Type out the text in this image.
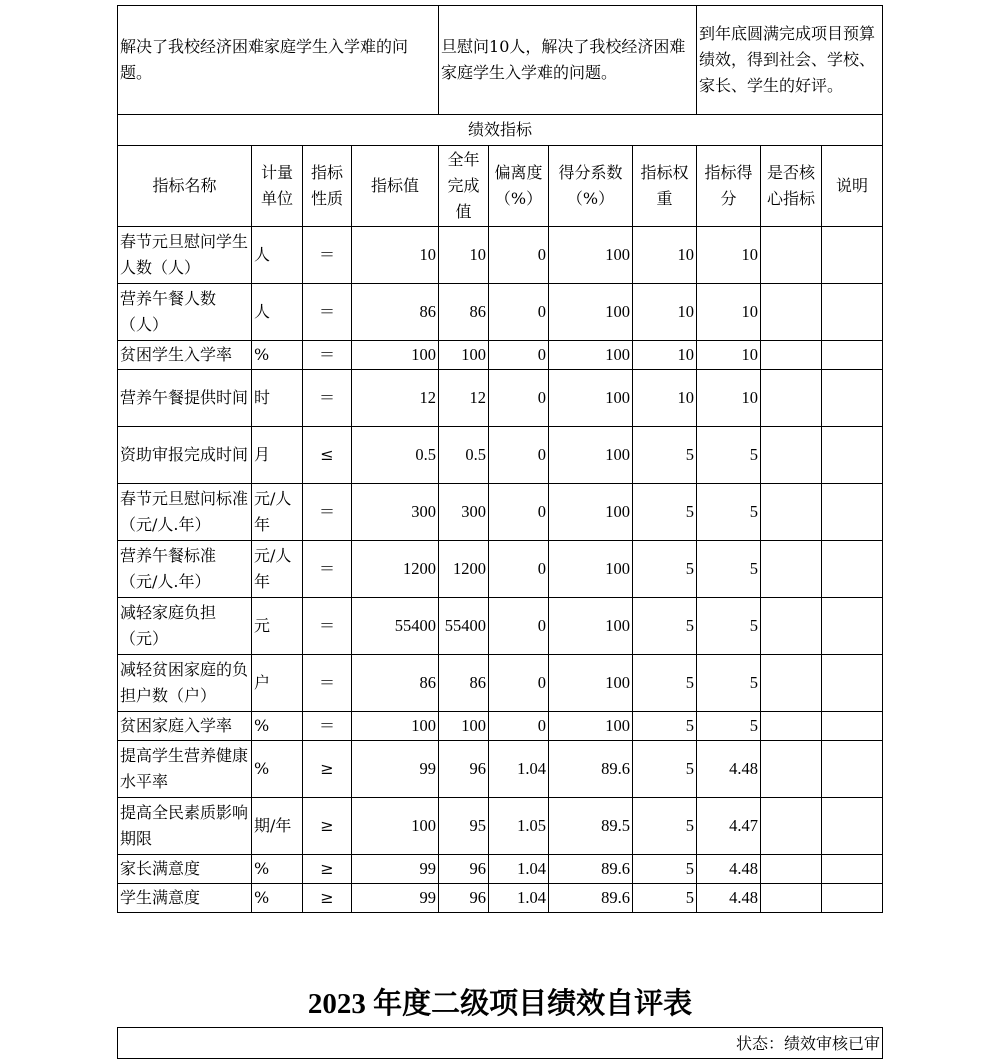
解决了我校经济困难家庭学生入学难的问题。				旦慰问10人，解决了我校经济困难家庭学生入学难的问题。				到年底圆满完成项目预算绩效，得到社会、学校、家长、学生的好评。		
绩效指标										
指标名称	计量单位	指标性质	指标值	全年完成值	偏离度（%）	得分系数（%）	指标权重	指标得分	是否核心指标	说明
春节元旦慰问学生人数（人）	人	＝	10	10	0	100	10	10		
营养午餐人数（人）	人	＝	86	86	0	100	10	10		
贫困学生入学率	%	＝	100	100	0	100	10	10		
营养午餐提供时间	时	＝	12	12	0	100	10	10		
资助审报完成时间	月	≤	0.5	0.5	0	100	5	5		
春节元旦慰问标准（元/人.年）	元/人年	＝	300	300	0	100	5	5		
营养午餐标准（元/人.年）	元/人年	＝	1200	1200	0	100	5	5		
减轻家庭负担（元）	元	＝	55400	55400	0	100	5	5		
减轻贫困家庭的负担户数（户）	户	＝	86	86	0	100	5	5		
贫困家庭入学率	%	＝	100	100	0	100	5	5		
提高学生营养健康水平率	%	≥	99	96	1.04	89.6	5	4.48		
提高全民素质影响期限	期/年	≥	100	95	1.05	89.5	5	4.47		
家长满意度	%	≥	99	96	1.04	89.6	5	4.48		
学生满意度	%	≥	99	96	1.04	89.6	5	4.48		
2023 年度二级项目绩效自评表
状态：绩效审核已审
